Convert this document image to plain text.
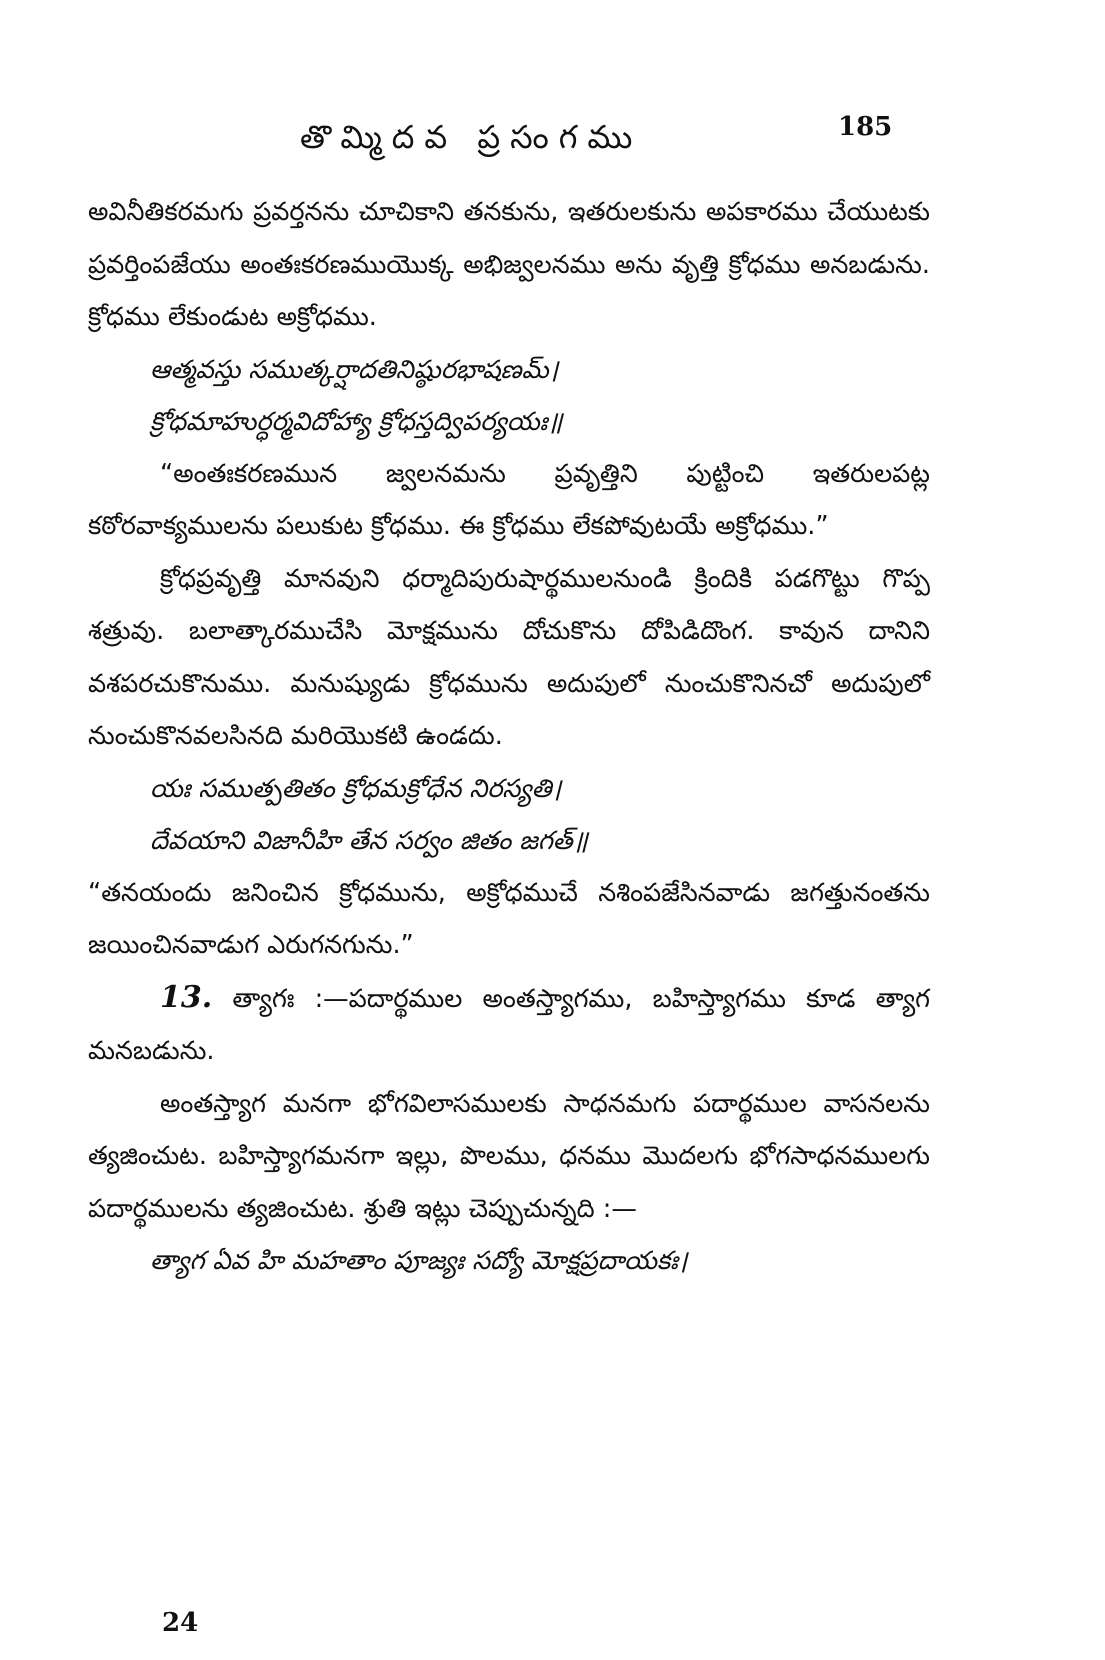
తొమ్మిదవ ప్రసంగము	185

అవినీతికరమగు ప్రవర్తనను చూచికాని తనకును, ఇతరులకును అపకారము చేయుటకు ప్రవర్తింపజేయు అంతఃకరణముయొక్క అభిజ్వలనము అను వృత్తి క్రోధము అనబడును. క్రోధము లేకుండుట అక్రోధము.

ఆత్మవస్తు సముత్కర్షాదతినిష్ఠురభాషణమ్।
క్రోధమాహుర్ధర్మవిదోహ్యా క్రోధస్తద్విపర్యయః॥

“అంతఃకరణమున జ్వలనమను ప్రవృత్తిని పుట్టించి ఇతరులపట్ల కఠోరవాక్యములను పలుకుట క్రోధము. ఈ క్రోధము లేకపోవుటయే అక్రోధము.”

క్రోధప్రవృత్తి మానవుని ధర్మాదిపురుషార్థములనుండి క్రిందికి పడగొట్టు గొప్ప శత్రువు. బలాత్కారముచేసి మోక్షమును దోచుకొను దోపిడిదొంగ. కావున దానిని వశపరచుకొనుము. మనుష్యుడు క్రోధమును అదుపులో నుంచుకొనినచో అదుపులో నుంచుకొనవలసినది మరియొకటి ఉండదు.

యః సముత్పతితం క్రోధమక్రోధేన నిరస్యతి।
దేవయాని విజానీహి తేన సర్వం జితం జగత్॥

“తనయందు జనించిన క్రోధమును, అక్రోధముచే నశింపజేసినవాడు జగత్తునంతను జయించినవాడుగ ఎరుగనగును.”

13. త్యాగః :—పదార్థముల అంతస్త్యాగము, బహిస్త్యాగము కూడ త్యాగ మనబడును.

అంతస్త్యాగ మనగా భోగవిలాసములకు సాధనమగు పదార్థముల వాసనలను త్యజించుట. బహిస్త్యాగమనగా ఇల్లు, పొలము, ధనము మొదలగు భోగసాధనములగు పదార్థములను త్యజించుట. శ్రుతి ఇట్లు చెప్పుచున్నది :—

త్యాగ ఏవ హి మహతాం పూజ్యః సద్యో మోక్షప్రదాయకః।
24
